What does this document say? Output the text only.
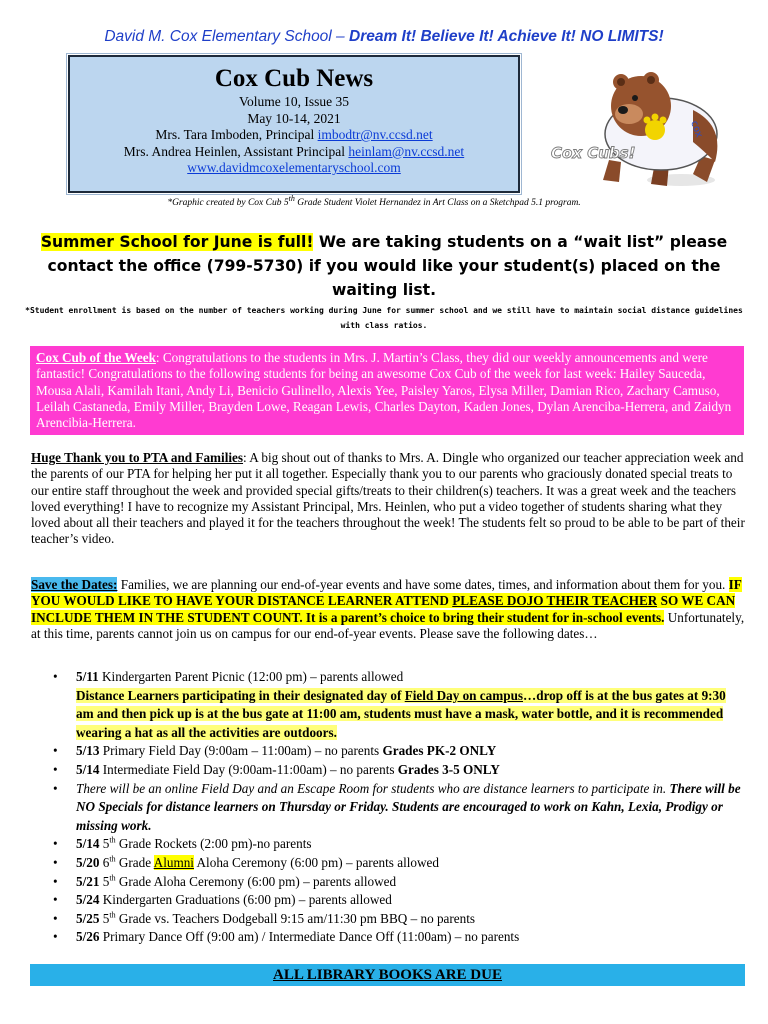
David M. Cox Elementary School – Dream It! Believe It! Achieve It! NO LIMITS!
Cox Cub News
Volume 10, Issue 35
May 10-14, 2021
Mrs. Tara Imboden, Principal imbodtr@nv.ccsd.net
Mrs. Andrea Heinlen, Assistant Principal heinlam@nv.ccsd.net
www.davidmcoxelementaryschool.com
cox
Cox Cubs!
*Graphic created by Cox Cub 5th Grade Student Violet Hernandez in Art Class on a Sketchpad 5.1 program.
Summer School for June is full! We are taking students on a “wait list” please contact the office (799-5730) if you would like your student(s) placed on the waiting list.
*Student enrollment is based on the number of teachers working during June for summer school and we still have to maintain social distance guidelines with class ratios.
Cox Cub of the Week: Congratulations to the students in Mrs. J. Martin’s Class, they did our weekly announcements and were fantastic! Congratulations to the following students for being an awesome Cox Cub of the week for last week: Hailey Sauceda, Mousa Alali, Kamilah Itani, Andy Li, Benicio Gulinello, Alexis Yee, Paisley Yaros, Elysa Miller, Damian Rico, Zachary Camuso, Leilah Castaneda, Emily Miller, Brayden Lowe, Reagan Lewis, Charles Dayton, Kaden Jones, Dylan Arenciba-Herrera, and Zaidyn Arencibia-Herrera.
Huge Thank you to PTA and Families: A big shout out of thanks to Mrs. A. Dingle who organized our teacher appreciation week and the parents of our PTA for helping her put it all together. Especially thank you to our parents who graciously donated special treats to our entire staff throughout the week and provided special gifts/treats to their children(s) teachers. It was a great week and the teachers loved everything! I have to recognize my Assistant Principal, Mrs. Heinlen, who put a video together of students sharing what they loved about all their teachers and played it for the teachers throughout the week! The students felt so proud to be able to be part of their teacher’s video.
Save the Dates: Families, we are planning our end-of-year events and have some dates, times, and information about them for you. IF YOU WOULD LIKE TO HAVE YOUR DISTANCE LEARNER ATTEND PLEASE DOJO THEIR TEACHER SO WE CAN INCLUDE THEM IN THE STUDENT COUNT. It is a parent’s choice to bring their student for in-school events. Unfortunately, at this time, parents cannot join us on campus for our end-of-year events. Please save the following dates…
• 5/11 Kindergarten Parent Picnic (12:00 pm) – parents allowed
Distance Learners participating in their designated day of Field Day on campus…drop off is at the bus gates at 9:30 am and then pick up is at the bus gate at 11:00 am, students must have a mask, water bottle, and it is recommended wearing a hat as all the activities are outdoors.
• 5/13 Primary Field Day (9:00am – 11:00am) – no parents Grades PK-2 ONLY
• 5/14 Intermediate Field Day (9:00am-11:00am) – no parents Grades 3-5 ONLY
• There will be an online Field Day and an Escape Room for students who are distance learners to participate in. There will be NO Specials for distance learners on Thursday or Friday. Students are encouraged to work on Kahn, Lexia, Prodigy or missing work.
• 5/14 5th Grade Rockets (2:00 pm)-no parents
• 5/20 6th Grade Alumni Aloha Ceremony (6:00 pm) – parents allowed
• 5/21 5th Grade Aloha Ceremony (6:00 pm) – parents allowed
• 5/24 Kindergarten Graduations (6:00 pm) – parents allowed
• 5/25 5th Grade vs. Teachers Dodgeball 9:15 am/11:30 pm BBQ – no parents
• 5/26 Primary Dance Off (9:00 am) / Intermediate Dance Off (11:00am) – no parents
ALL LIBRARY BOOKS ARE DUE
